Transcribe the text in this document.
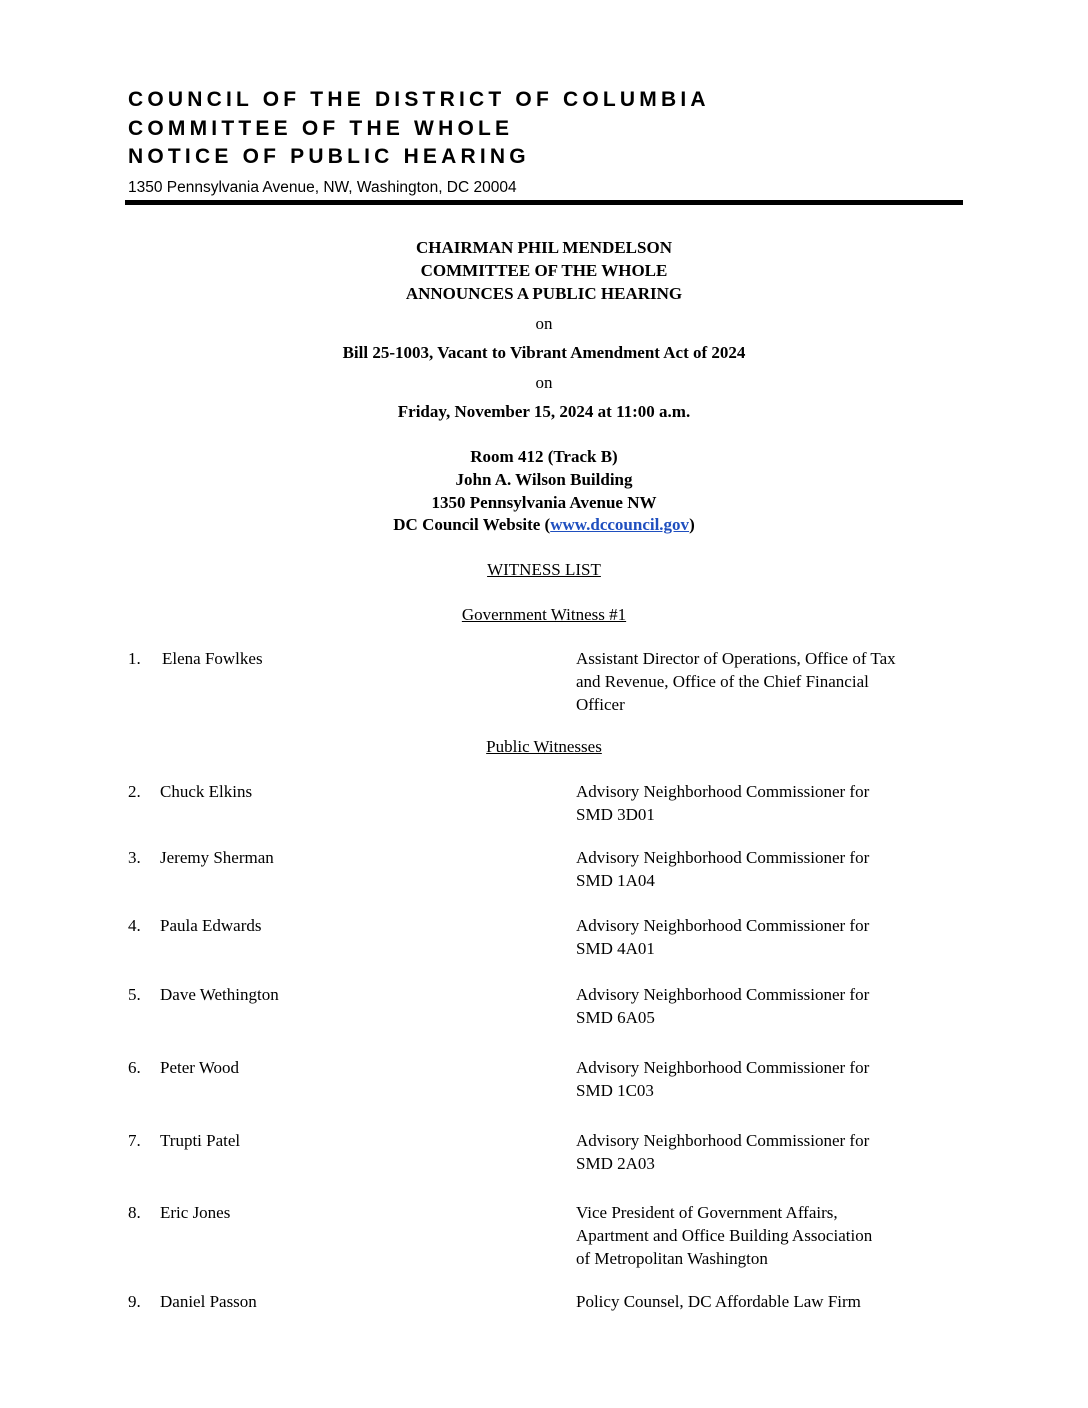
COUNCIL OF THE DISTRICT OF COLUMBIA
COMMITTEE OF THE WHOLE
NOTICE OF PUBLIC HEARING
1350 Pennsylvania Avenue, NW, Washington, DC 20004
CHAIRMAN PHIL MENDELSON
COMMITTEE OF THE WHOLE
ANNOUNCES A PUBLIC HEARING
on
Bill 25-1003, Vacant to Vibrant Amendment Act of 2024
on
Friday, November 15, 2024 at 11:00 a.m.
Room 412 (Track B)
John A. Wilson Building
1350 Pennsylvania Avenue NW
DC Council Website (www.dccouncil.gov)
WITNESS LIST
Government Witness #1
1.	Elena Fowlkes	Assistant Director of Operations, Office of Tax
and Revenue, Office of the Chief Financial
Officer
Public Witnesses
2.	Chuck Elkins	Advisory Neighborhood Commissioner for
SMD 3D01
3.	Jeremy Sherman	Advisory Neighborhood Commissioner for
SMD 1A04
4.	Paula Edwards	Advisory Neighborhood Commissioner for
SMD 4A01
5.	Dave Wethington	Advisory Neighborhood Commissioner for
SMD 6A05
6.	Peter Wood	Advisory Neighborhood Commissioner for
SMD 1C03
7.	Trupti Patel	Advisory Neighborhood Commissioner for
SMD 2A03
8.	Eric Jones	Vice President of Government Affairs,
Apartment and Office Building Association
of Metropolitan Washington
9.	Daniel Passon	Policy Counsel, DC Affordable Law Firm
